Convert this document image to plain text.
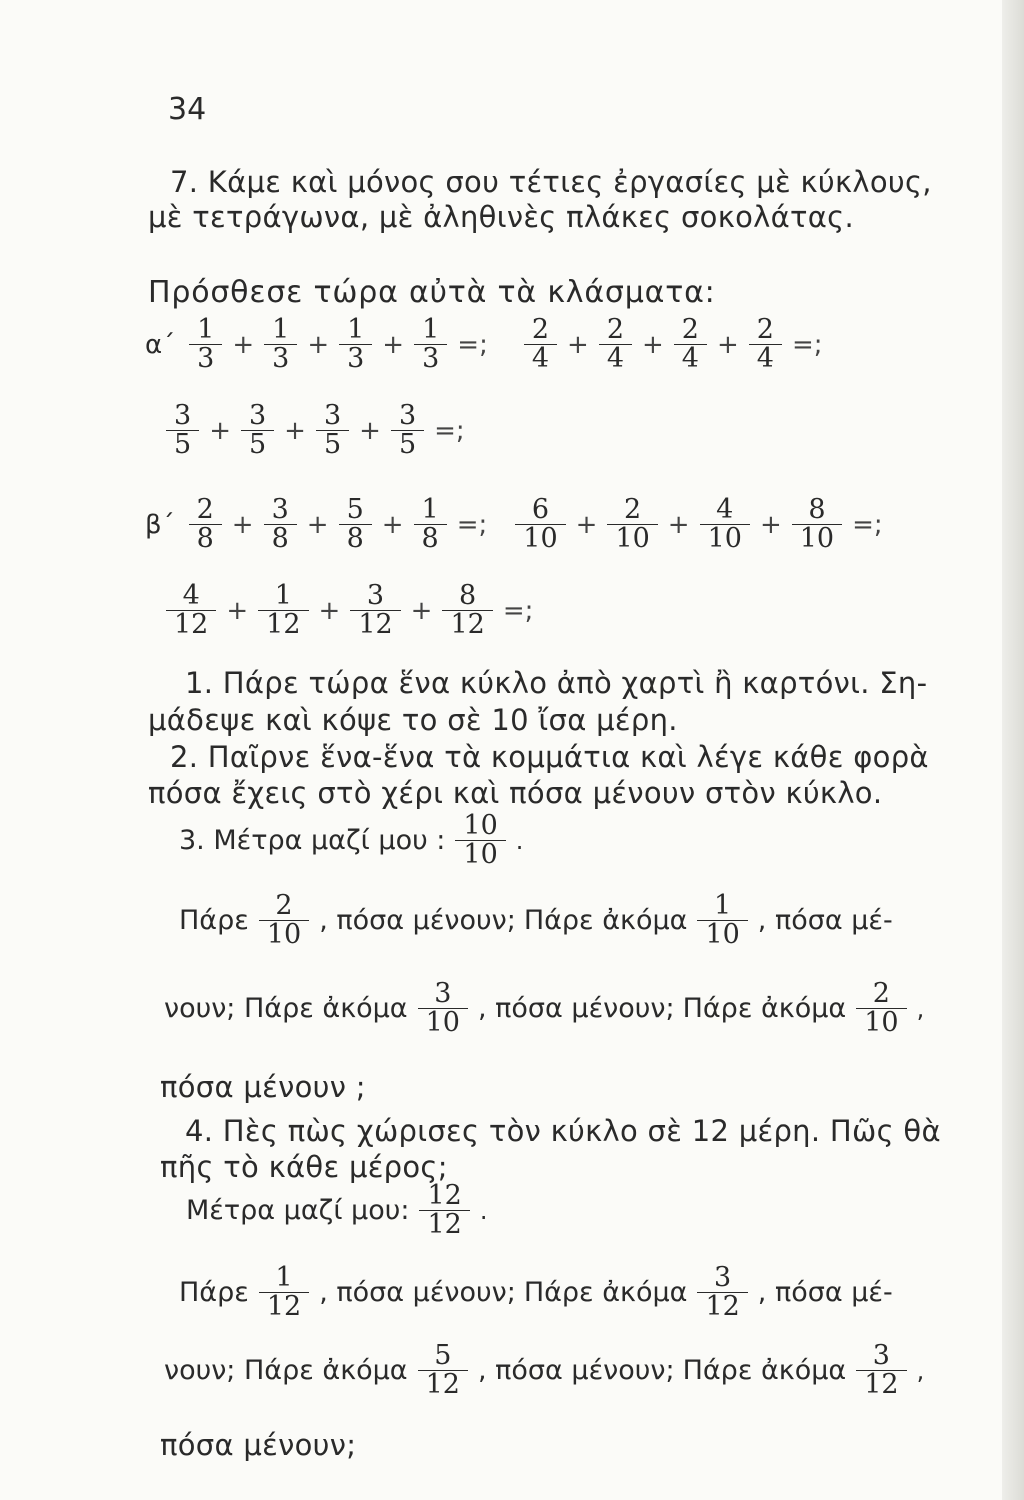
34
7. Κάμε καὶ μόνος σου τέτιες ἐργασίες μὲ κύκλους,
μὲ τετράγωνα, μὲ ἀληθινὲς πλάκες σοκολάτας.
Πρόσθεσε τώρα αὐτὰ τὰ κλάσματα:
$\alpha΄ \frac{1}{3} + \frac{1}{3} + \frac{1}{3} + \frac{1}{3}$ =; $\frac{2}{4} + \frac{2}{4} + \frac{2}{4} + \frac{2}{4}$ =;
$\frac{3}{5} + \frac{3}{5} + \frac{3}{5} + \frac{3}{5}$ =;
$\beta΄ \frac{2}{8} + \frac{3}{8} + \frac{5}{8} + \frac{1}{8}$ =; $\frac{6}{10} + \frac{2}{10} + \frac{4}{10} + \frac{8}{10}$ =;
$\frac{4}{12} + \frac{1}{12} + \frac{3}{12} + \frac{8}{12}$ =;
1. Πάρε τώρα ἕνα κύκλο ἀπὸ χαρτὶ ἢ καρτόνι. Ση-
μάδεψε καὶ κόψε το σὲ 10 ἴσα μέρη.
2. Παῖρνε ἕνα-ἕνα τὰ κομμάτια καὶ λέγε κάθε φορὰ
πόσα ἔχεις στὸ χέρι καὶ πόσα μένουν στὸν κύκλο.
3. Μέτρα μαζί μου : $\frac{10}{10}$ .
Πάρε $\frac{2}{10}$ , πόσα μένουν; Πάρε ἀκόμα $\frac{1}{10}$ , πόσα μέ-
νουν; Πάρε ἀκόμα $\frac{3}{10}$ , πόσα μένουν; Πάρε ἀκόμα $\frac{2}{10}$ ,
πόσα μένουν ;
4. Πὲς πὼς χώρισες τὸν κύκλο σὲ 12 μέρη. Πῶς θὰ
πῆς τὸ κάθε μέρος;
Μέτρα μαζί μου: $\frac{12}{12}$ .
Πάρε $\frac{1}{12}$ , πόσα μένουν; Πάρε ἀκόμα $\frac{3}{12}$ , πόσα μέ-
νουν; Πάρε ἀκόμα $\frac{5}{12}$ , πόσα μένουν; Πάρε ἀκόμα $\frac{3}{12}$ ,
πόσα μένουν;
